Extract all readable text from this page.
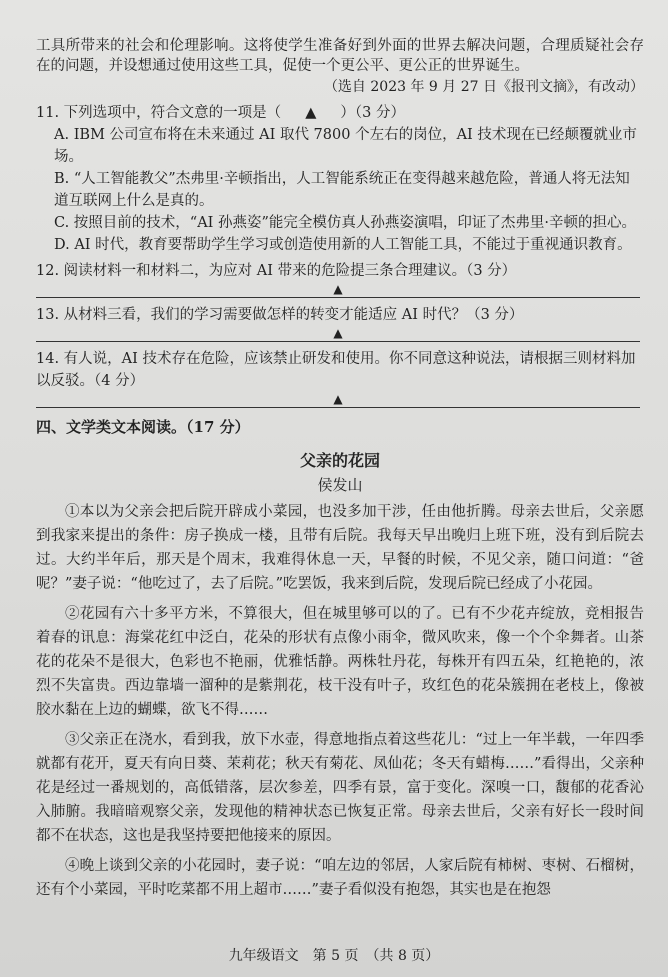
工具所带来的社会和伦理影响。这将使学生准备好到外面的世界去解决问题，合理质疑社会存在的问题，并设想通过使用这些工具，促使一个更公平、更公正的世界诞生。

（选自 2023 年 9 月 27 日《报刊文摘》，有改动）

11. 下列选项中，符合文意的一项是（ ▲ ）（3 分）

A. IBM 公司宣布将在未来通过 AI 取代 7800 个左右的岗位，AI 技术现在已经颠覆就业市场。

B. “人工智能教父”杰弗里·辛顿指出，人工智能系统正在变得越来越危险，普通人将无法知道互联网上什么是真的。

C. 按照目前的技术，“AI 孙燕姿”能完全模仿真人孙燕姿演唱，印证了杰弗里·辛顿的担心。

D. AI 时代，教育要帮助学生学习或创造使用新的人工智能工具，不能过于重视通识教育。

12. 阅读材料一和材料二，为应对 AI 带来的危险提三条合理建议。（3 分）

▲

13. 从材料三看，我们的学习需要做怎样的转变才能适应 AI 时代？（3 分）

▲

14. 有人说，AI 技术存在危险，应该禁止研发和使用。你不同意这种说法，请根据三则材料加以反驳。（4 分）

▲

四、文学类文本阅读。（17 分）

父亲的花园

侯发山

①本以为父亲会把后院开辟成小菜园，也没多加干涉，任由他折腾。母亲去世后，父亲愿到我家来提出的条件：房子换成一楼，且带有后院。我每天早出晚归上班下班，没有到后院去过。大约半年后，那天是个周末，我难得休息一天，早餐的时候，不见父亲，随口问道：“爸呢？”妻子说：“他吃过了，去了后院。”吃罢饭，我来到后院，发现后院已经成了小花园。

②花园有六十多平方米，不算很大，但在城里够可以的了。已有不少花卉绽放，竞相报告着春的讯息：海棠花红中泛白，花朵的形状有点像小雨伞，微风吹来，像一个个伞舞者。山茶花的花朵不是很大，色彩也不艳丽，优雅恬静。两株牡丹花，每株开有四五朵，红艳艳的，浓烈不失富贵。西边靠墙一溜种的是紫荆花，枝干没有叶子，玫红色的花朵簇拥在老枝上，像被胶水黏在上边的蝴蝶，欲飞不得……

③父亲正在浇水，看到我，放下水壶，得意地指点着这些花儿：“过上一年半载，一年四季就都有花开，夏天有向日葵、茉莉花；秋天有菊花、凤仙花；冬天有蜡梅……”看得出，父亲种花是经过一番规划的，高低错落，层次参差，四季有景，富于变化。深嗅一口，馥郁的花香沁入肺腑。我暗暗观察父亲，发现他的精神状态已恢复正常。母亲去世后，父亲有好长一段时间都不在状态，这也是我坚持要把他接来的原因。

④晚上谈到父亲的小花园时，妻子说：“咱左边的邻居，人家后院有柿树、枣树、石榴树，还有个小菜园，平时吃菜都不用上超市……”妻子看似没有抱怨，其实也是在抱怨

九年级语文　第 5 页　（共 8 页）
